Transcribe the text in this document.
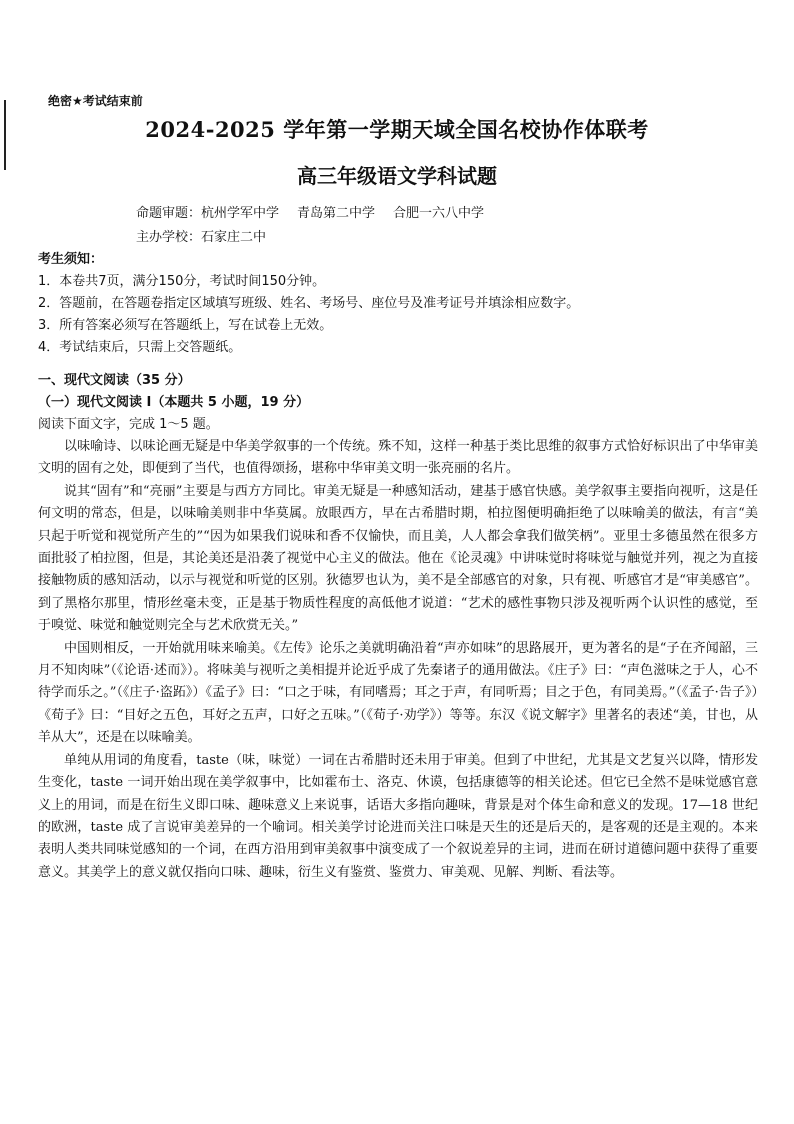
绝密★考试结束前
2024-2025 学年第一学期天域全国名校协作体联考
高三年级语文学科试题
命题审题：杭州学军中学 青岛第二中学 合肥一六八中学
主办学校：石家庄二中
考生须知：
1．本卷共7页，满分150分，考试时间150分钟。
2．答题前，在答题卷指定区域填写班级、姓名、考场号、座位号及准考证号并填涂相应数字。
3．所有答案必须写在答题纸上，写在试卷上无效。
4．考试结束后，只需上交答题纸。
一、现代文阅读（35 分）
（一）现代文阅读 I（本题共 5 小题，19 分）
阅读下面文字，完成 1～5 题。

以味喻诗、以味论画无疑是中华美学叙事的一个传统。殊不知，这样一种基于类比思维的叙事方式恰好标识出了中华审美文明的固有之处，即便到了当代，也值得颂扬，堪称中华审美文明一张亮丽的名片。

说其“固有”和“亮丽”主要是与西方方同比。审美无疑是一种感知活动，建基于感官快感。美学叙事主要指向视听，这是任何文明的常态，但是，以味喻美则非中华莫属。放眼西方，早在古希腊时期，柏拉图便明确拒绝了以味喻美的做法，有言“美只起于听觉和视觉所产生的”“因为如果我们说味和香不仅愉快，而且美，人人都会拿我们做笑柄”。亚里士多德虽然在很多方面批驳了柏拉图，但是，其论美还是沿袭了视觉中心主义的做法。他在《论灵魂》中讲味觉时将味觉与触觉并列，视之为直接接触物质的感知活动，以示与视觉和听觉的区别。狄德罗也认为，美不是全部感官的对象，只有视、听感官才是“审美感官”。到了黑格尔那里，情形丝毫未变，正是基于物质性程度的高低他才说道：“艺术的感性事物只涉及视听两个认识性的感觉，至于嗅觉、味觉和触觉则完全与艺术欣赏无关。”

中国则相反，一开始就用味来喻美。《左传》论乐之美就明确沿着“声亦如味”的思路展开，更为著名的是“子在齐闻韶，三月不知肉味”（《论语·述而》）。将味美与视听之美相提并论近乎成了先秦诸子的通用做法。《庄子》曰：“声色滋味之于人，心不待学而乐之。”（《庄子·盗跖》）《孟子》曰：“口之于味，有同嗜焉；耳之于声，有同听焉；目之于色，有同美焉。”（《孟子·告子》）《荀子》曰：“目好之五色，耳好之五声，口好之五味。”（《荀子·劝学》）等等。东汉《说文解字》里著名的表述“美，甘也，从羊从大”，还是在以味喻美。

单纯从用词的角度看，taste（味，味觉）一词在古希腊时还未用于审美。但到了中世纪，尤其是文艺复兴以降，情形发生变化，taste 一词开始出现在美学叙事中，比如霍布士、洛克、休谟，包括康德等的相关论述。但它已全然不是味觉感官意义上的用词，而是在衍生义即口味、趣味意义上来说事，话语大多指向趣味，背景是对个体生命和意义的发现。17—18 世纪的欧洲，taste 成了言说审美差异的一个喻词。相关美学讨论进而关注口味是天生的还是后天的，是客观的还是主观的。本来表明人类共同味觉感知的一个词，在西方沿用到审美叙事中演变成了一个叙说差异的主词，进而在研讨道德问题中获得了重要意义。其美学上的意义就仅指向口味、趣味，衍生义有鉴赏、鉴赏力、审美观、见解、判断、看法等。
